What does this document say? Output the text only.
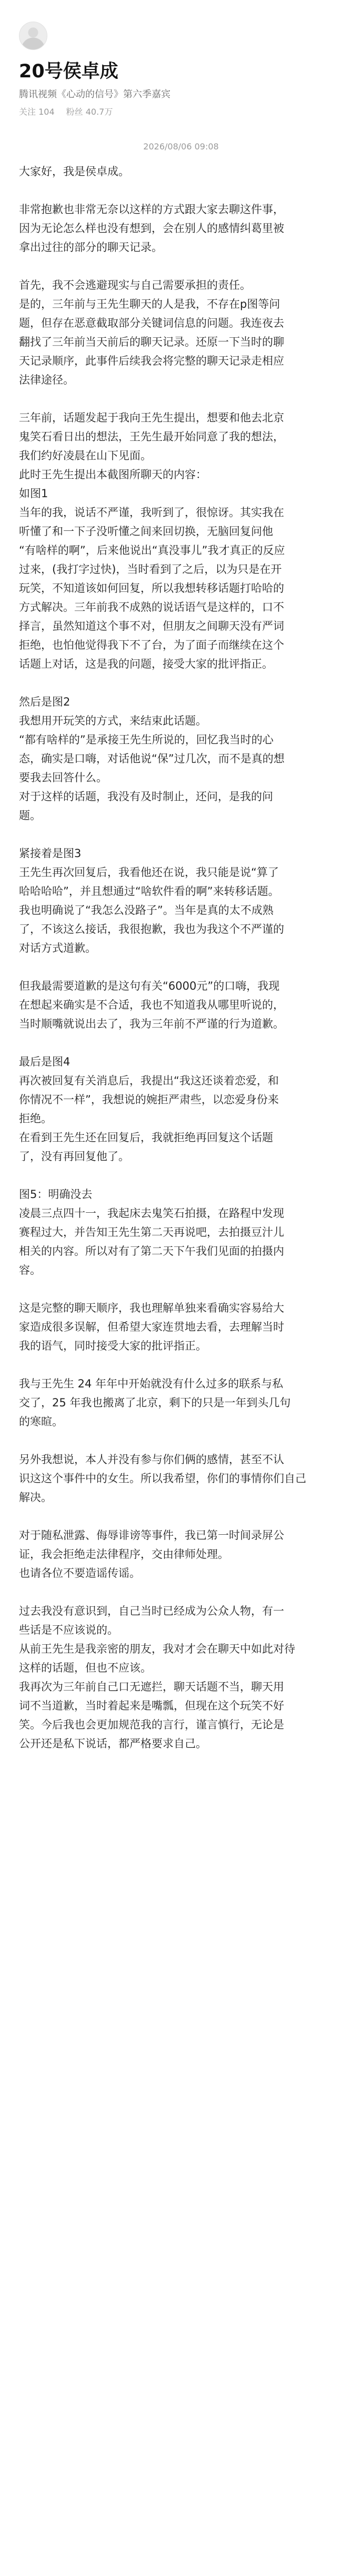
20号侯卓成
腾讯视频《心动的信号》第六季嘉宾
关注 104 粉丝 40.7万
2026/08/06 09:08
大家好，我是侯卓成。
非常抱歉也非常无奈以这样的方式跟大家去聊这件事，
因为无论怎么样也没有想到，会在别人的感情纠葛里被
拿出过往的部分的聊天记录。
首先，我不会逃避现实与自己需要承担的责任。
是的，三年前与王先生聊天的人是我，不存在p图等问
题，但存在恶意截取部分关键词信息的问题。我连夜去
翻找了三年前当天前后的聊天记录。还原一下当时的聊
天记录顺序，此事件后续我会将完整的聊天记录走相应
法律途径。
三年前，话题发起于我向王先生提出，想要和他去北京
鬼笑石看日出的想法，王先生最开始同意了我的想法，
我们约好凌晨在山下见面。
此时王先生提出本截图所聊天的内容：
如图1
当年的我，说话不严谨，我听到了，很惊讶。其实我在
听懂了和一下子没听懂之间来回切换，无脑回复问他
“有啥样的啊”，后来他说出“真没事儿”我才真正的反应
过来，(我打字过快)，当时看到了之后，以为只是在开
玩笑，不知道该如何回复，所以我想转移话题打哈哈的
方式解决。三年前我不成熟的说话语气是这样的，口不
择言，虽然知道这个事不对，但朋友之间聊天没有严词
拒绝，也怕他觉得我下不了台，为了面子而继续在这个
话题上对话，这是我的问题，接受大家的批评指正。
然后是图2
我想用开玩笑的方式，来结束此话题。
“都有啥样的”是承接王先生所说的，回忆我当时的心
态，确实是口嗨，对话他说“保”过几次，而不是真的想
要我去回答什么。
对于这样的话题，我没有及时制止，还问，是我的问
题。
紧接着是图3
王先生再次回复后，我看他还在说，我只能是说“算了
哈哈哈哈”，并且想通过“啥软件看的啊”来转移话题。
我也明确说了“我怎么没路子”。当年是真的太不成熟
了，不该这么接话，我很抱歉，我也为我这个不严谨的
对话方式道歉。
但我最需要道歉的是这句有关“6000元”的口嗨，我现
在想起来确实是不合适，我也不知道我从哪里听说的，
当时顺嘴就说出去了，我为三年前不严谨的行为道歉。
最后是图4
再次被回复有关消息后，我提出“我这还谈着恋爱，和
你情况不一样”，我想说的婉拒严肃些，以恋爱身份来
拒绝。
在看到王先生还在回复后，我就拒绝再回复这个话题
了，没有再回复他了。
图5：明确没去
凌晨三点四十一，我起床去鬼笑石拍摄，在路程中发现
赛程过大，并告知王先生第二天再说吧，去拍摄豆汁儿
相关的内容。所以对有了第二天下午我们见面的拍摄内
容。
这是完整的聊天顺序，我也理解单独来看确实容易给大
家造成很多误解，但希望大家连贯地去看，去理解当时
我的语气，同时接受大家的批评指正。
我与王先生 24 年年中开始就没有什么过多的联系与私
交了，25 年我也搬离了北京，剩下的只是一年到头几句
的寒暄。
另外我想说，本人并没有参与你们俩的感情，甚至不认
识这这个事件中的女生。所以我希望，你们的事情你们自己
解决。
对于随私泄露、侮辱诽谤等事件，我已第一时间录屏公
证，我会拒绝走法律程序，交由律师处理。
也请各位不要造谣传谣。
过去我没有意识到，自己当时已经成为公众人物，有一
些话是不应该说的。
从前王先生是我亲密的朋友，我对才会在聊天中如此对待
这样的话题，但也不应该。
我再次为三年前自己口无遮拦，聊天话题不当，聊天用
词不当道歉，当时着起来是嘴瓢，但现在这个玩笑不好
笑。今后我也会更加规范我的言行，谨言慎行，无论是
公开还是私下说话，都严格要求自己。
